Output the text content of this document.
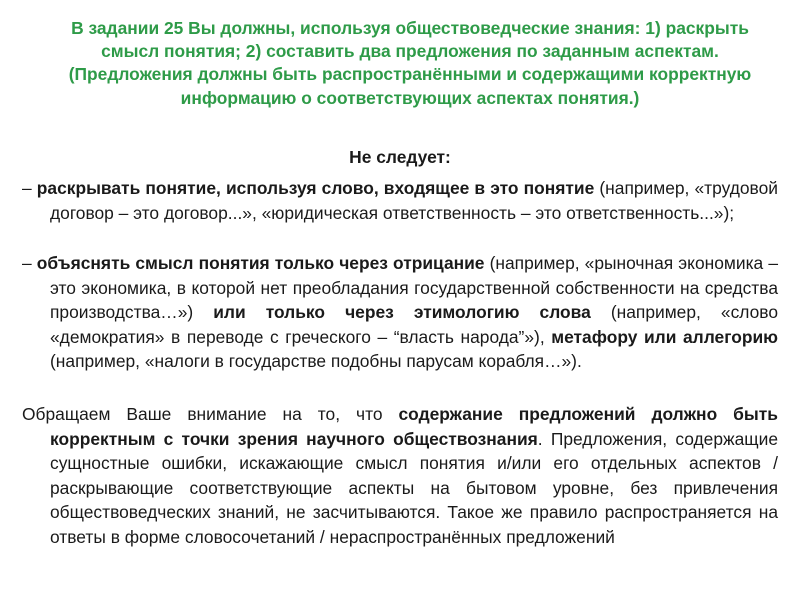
В задании 25 Вы должны, используя обществоведческие знания: 1) раскрыть смысл понятия; 2) составить два предложения по заданным аспектам. (Предложения должны быть распространёнными и содержащими корректную информацию о соответствующих аспектах понятия.)

Не следует:

– раскрывать понятие, используя слово, входящее в это понятие (например, «трудовой договор – это договор...», «юридическая ответственность – это ответственность...»);

– объяснять смысл понятия только через отрицание (например, «рыночная экономика – это экономика, в которой нет преобладания государственной собственности на средства производства…») или только через этимологию слова (например, «слово «демократия» в переводе с греческого – “власть народа”»), метафору или аллегорию (например, «налоги в государстве подобны парусам корабля…»).

Обращаем Ваше внимание на то, что содержание предложений должно быть корректным с точки зрения научного обществознания. Предложения, содержащие сущностные ошибки, искажающие смысл понятия и/или его отдельных аспектов / раскрывающие соответствующие аспекты на бытовом уровне, без привлечения обществоведческих знаний, не засчитываются. Такое же правило распространяется на ответы в форме словосочетаний / нераспространённых предложений
